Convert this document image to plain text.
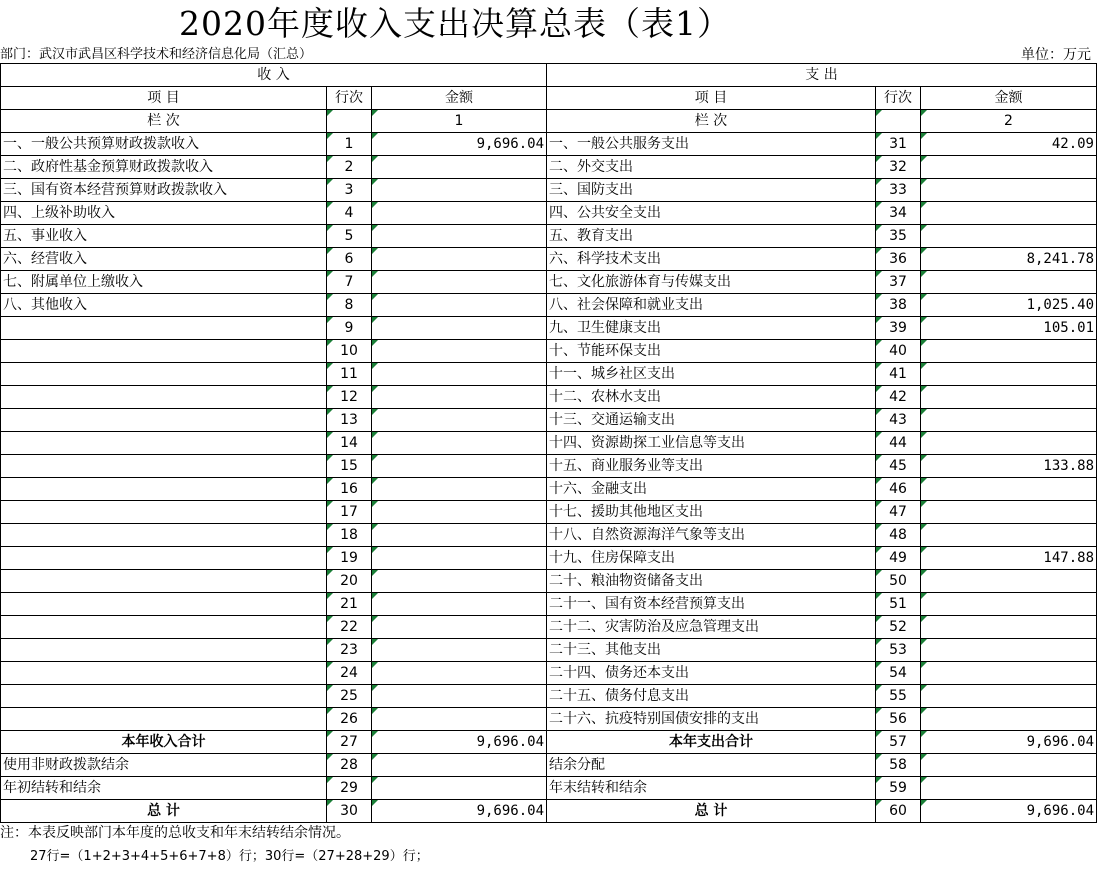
2020年度收入支出决算总表（表1）
部门：武汉市武昌区科学技术和经济信息化局（汇总）	单位：万元
收 入			支 出		
项 目	行次	金额	项 目	行次	金额
栏 次		1	栏 次		2
一、一般公共预算财政拨款收入	1	9,696.04	一、一般公共服务支出	31	42.09
二、政府性基金预算财政拨款收入	2		二、外交支出	32	
三、国有资本经营预算财政拨款收入	3		三、国防支出	33	
四、上级补助收入	4		四、公共安全支出	34	
五、事业收入	5		五、教育支出	35	
六、经营收入	6		六、科学技术支出	36	8,241.78
七、附属单位上缴收入	7		七、文化旅游体育与传媒支出	37	
八、其他收入	8		八、社会保障和就业支出	38	1,025.40
	9		九、卫生健康支出	39	105.01
	10		十、节能环保支出	40	
	11		十一、城乡社区支出	41	
	12		十二、农林水支出	42	
	13		十三、交通运输支出	43	
	14		十四、资源勘探工业信息等支出	44	
	15		十五、商业服务业等支出	45	133.88
	16		十六、金融支出	46	
	17		十七、援助其他地区支出	47	
	18		十八、自然资源海洋气象等支出	48	
	19		十九、住房保障支出	49	147.88
	20		二十、粮油物资储备支出	50	
	21		二十一、国有资本经营预算支出	51	
	22		二十二、灾害防治及应急管理支出	52	
	23		二十三、其他支出	53	
	24		二十四、债务还本支出	54	
	25		二十五、债务付息支出	55	
	26		二十六、抗疫特别国债安排的支出	56	
本年收入合计	27	9,696.04	本年支出合计	57	9,696.04
使用非财政拨款结余	28		结余分配	58	
年初结转和结余	29		年末结转和结余	59	
总 计	30	9,696.04	总 计	60	9,696.04
注：本表反映部门本年度的总收支和年末结转结余情况。
27行=（1+2+3+4+5+6+7+8）行；30行=（27+28+29）行；
